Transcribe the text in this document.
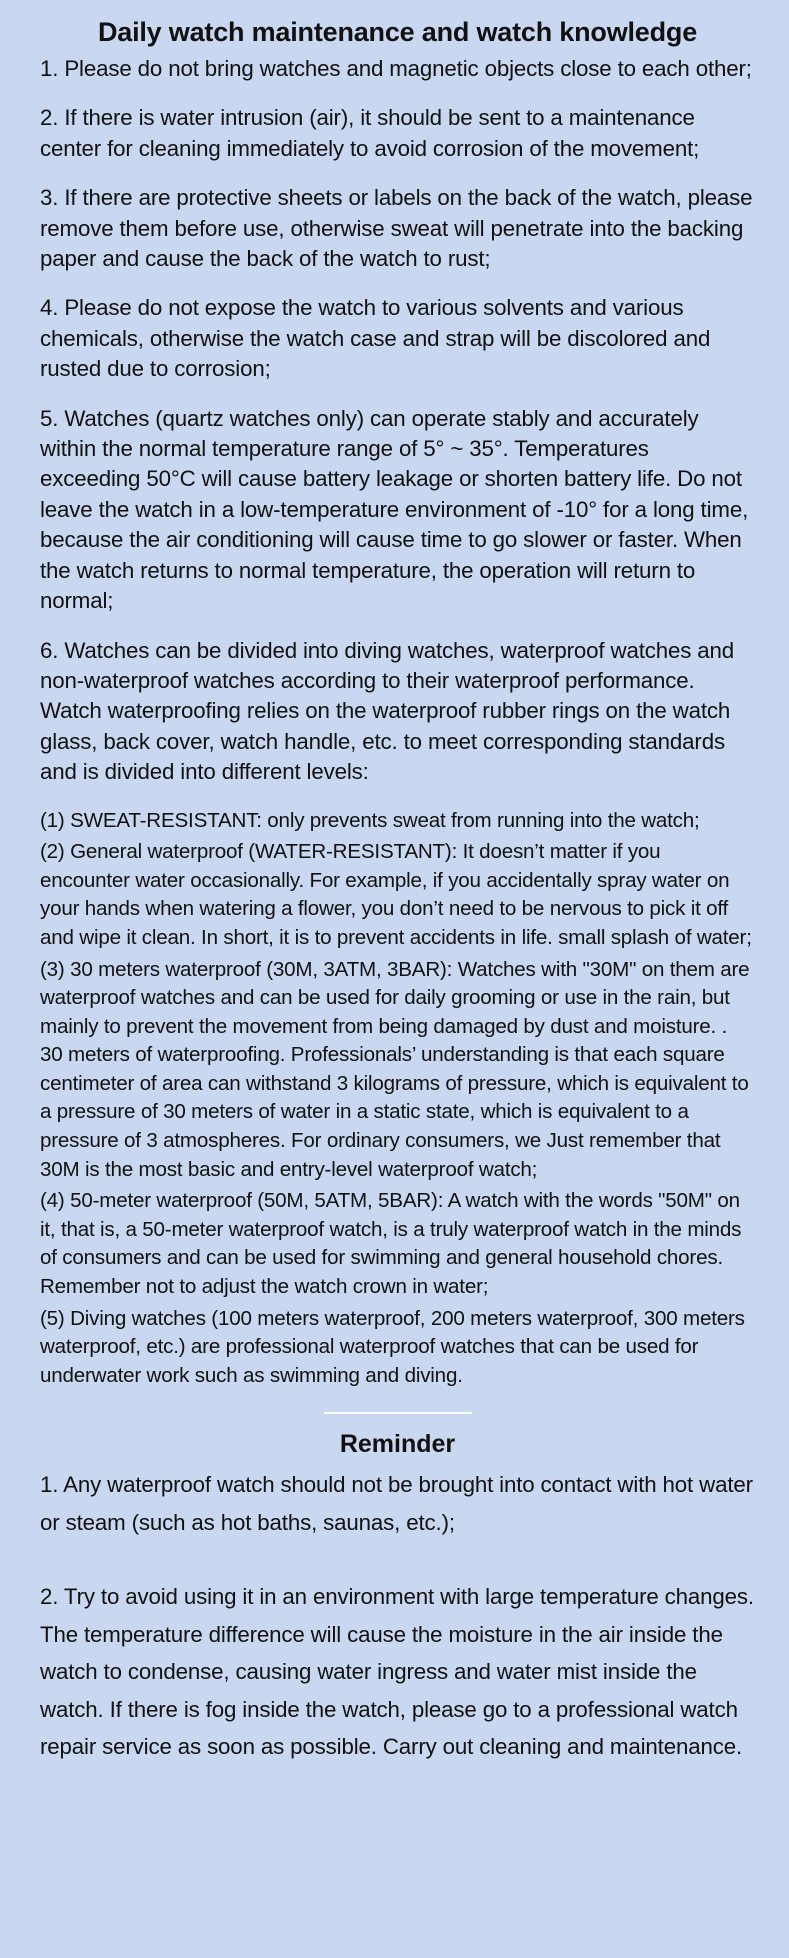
Daily watch maintenance and watch knowledge

1. Please do not bring watches and magnetic objects close to each other;

2. If there is water intrusion (air), it should be sent to a maintenance center for cleaning immediately to avoid corrosion of the movement;

3. If there are protective sheets or labels on the back of the watch, please remove them before use, otherwise sweat will penetrate into the backing paper and cause the back of the watch to rust;

4. Please do not expose the watch to various solvents and various chemicals, otherwise the watch case and strap will be discolored and rusted due to corrosion;

5. Watches (quartz watches only) can operate stably and accurately within the normal temperature range of 5° ~ 35°. Temperatures exceeding 50°C will cause battery leakage or shorten battery life. Do not leave the watch in a low-temperature environment of -10° for a long time, because the air conditioning will cause time to go slower or faster. When the watch returns to normal temperature, the operation will return to normal;

6. Watches can be divided into diving watches, waterproof watches and non-waterproof watches according to their waterproof performance. Watch waterproofing relies on the waterproof rubber rings on the watch glass, back cover, watch handle, etc. to meet corresponding standards and is divided into different levels:

(1) SWEAT-RESISTANT: only prevents sweat from running into the watch;

(2) General waterproof (WATER-RESISTANT): It doesn’t matter if you encounter water occasionally. For example, if you accidentally spray water on your hands when watering a flower, you don’t need to be nervous to pick it off and wipe it clean. In short, it is to prevent accidents in life. small splash of water;

(3) 30 meters waterproof (30M, 3ATM, 3BAR): Watches with "30M" on them are waterproof watches and can be used for daily grooming or use in the rain, but mainly to prevent the movement from being damaged by dust and moisture. . 30 meters of waterproofing. Professionals’ understanding is that each square centimeter of area can withstand 3 kilograms of pressure, which is equivalent to a pressure of 30 meters of water in a static state, which is equivalent to a pressure of 3 atmospheres. For ordinary consumers, we Just remember that 30M is the most basic and entry-level waterproof watch;

(4) 50-meter waterproof (50M, 5ATM, 5BAR): A watch with the words "50M" on it, that is, a 50-meter waterproof watch, is a truly waterproof watch in the minds of consumers and can be used for swimming and general household chores. Remember not to adjust the watch crown in water;

(5) Diving watches (100 meters waterproof, 200 meters waterproof, 300 meters waterproof, etc.) are professional waterproof watches that can be used for underwater work such as swimming and diving.

Reminder

1. Any waterproof watch should not be brought into contact with hot water or steam (such as hot baths, saunas, etc.);

2. Try to avoid using it in an environment with large temperature changes. The temperature difference will cause the moisture in the air inside the watch to condense, causing water ingress and water mist inside the watch. If there is fog inside the watch, please go to a professional watch repair service as soon as possible. Carry out cleaning and maintenance.
